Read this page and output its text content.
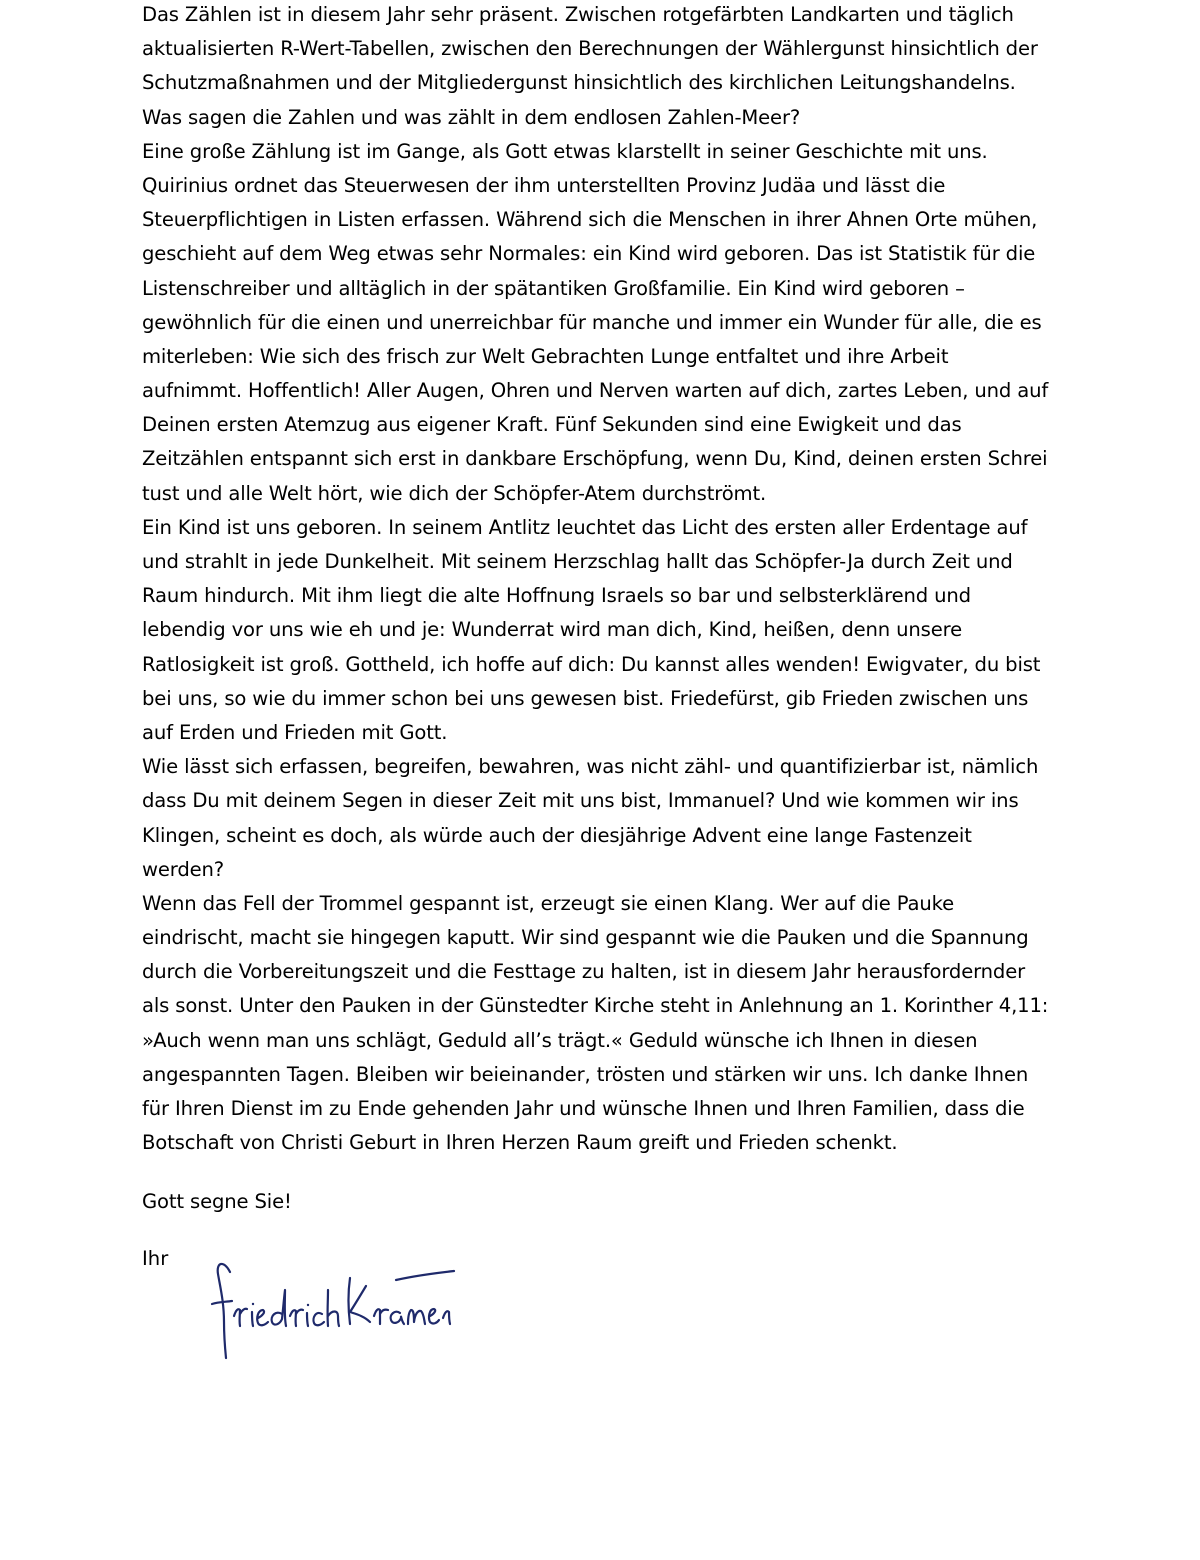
Das Zählen ist in diesem Jahr sehr präsent. Zwischen rotgefärbten Landkarten und täglich
aktualisierten R-Wert-Tabellen, zwischen den Berechnungen der Wählergunst hinsichtlich der
Schutzmaßnahmen und der Mitgliedergunst hinsichtlich des kirchlichen Leitungshandelns.
Was sagen die Zahlen und was zählt in dem endlosen Zahlen-Meer?
Eine große Zählung ist im Gange, als Gott etwas klarstellt in seiner Geschichte mit uns.
Quirinius ordnet das Steuerwesen der ihm unterstellten Provinz Judäa und lässt die
Steuerpflichtigen in Listen erfassen. Während sich die Menschen in ihrer Ahnen Orte mühen,
geschieht auf dem Weg etwas sehr Normales: ein Kind wird geboren. Das ist Statistik für die
Listenschreiber und alltäglich in der spätantiken Großfamilie. Ein Kind wird geboren –
gewöhnlich für die einen und unerreichbar für manche und immer ein Wunder für alle, die es
miterleben: Wie sich des frisch zur Welt Gebrachten Lunge entfaltet und ihre Arbeit
aufnimmt. Hoffentlich! Aller Augen, Ohren und Nerven warten auf dich, zartes Leben, und auf
Deinen ersten Atemzug aus eigener Kraft. Fünf Sekunden sind eine Ewigkeit und das
Zeitzählen entspannt sich erst in dankbare Erschöpfung, wenn Du, Kind, deinen ersten Schrei
tust und alle Welt hört, wie dich der Schöpfer-Atem durchströmt.
Ein Kind ist uns geboren. In seinem Antlitz leuchtet das Licht des ersten aller Erdentage auf
und strahlt in jede Dunkelheit. Mit seinem Herzschlag hallt das Schöpfer-Ja durch Zeit und
Raum hindurch. Mit ihm liegt die alte Hoffnung Israels so bar und selbsterklärend und
lebendig vor uns wie eh und je: Wunderrat wird man dich, Kind, heißen, denn unsere
Ratlosigkeit ist groß. Gottheld, ich hoffe auf dich: Du kannst alles wenden! Ewigvater, du bist
bei uns, so wie du immer schon bei uns gewesen bist. Friedefürst, gib Frieden zwischen uns
auf Erden und Frieden mit Gott.
Wie lässt sich erfassen, begreifen, bewahren, was nicht zähl- und quantifizierbar ist, nämlich
dass Du mit deinem Segen in dieser Zeit mit uns bist, Immanuel? Und wie kommen wir ins
Klingen, scheint es doch, als würde auch der diesjährige Advent eine lange Fastenzeit
werden?
Wenn das Fell der Trommel gespannt ist, erzeugt sie einen Klang. Wer auf die Pauke
eindrischt, macht sie hingegen kaputt. Wir sind gespannt wie die Pauken und die Spannung
durch die Vorbereitungszeit und die Festtage zu halten, ist in diesem Jahr herausfordernder
als sonst. Unter den Pauken in der Günstedter Kirche steht in Anlehnung an 1. Korinther 4,11:
»Auch wenn man uns schlägt, Geduld all’s trägt.« Geduld wünsche ich Ihnen in diesen
angespannten Tagen. Bleiben wir beieinander, trösten und stärken wir uns. Ich danke Ihnen
für Ihren Dienst im zu Ende gehenden Jahr und wünsche Ihnen und Ihren Familien, dass die
Botschaft von Christi Geburt in Ihren Herzen Raum greift und Frieden schenkt.
Gott segne Sie!
Ihr
